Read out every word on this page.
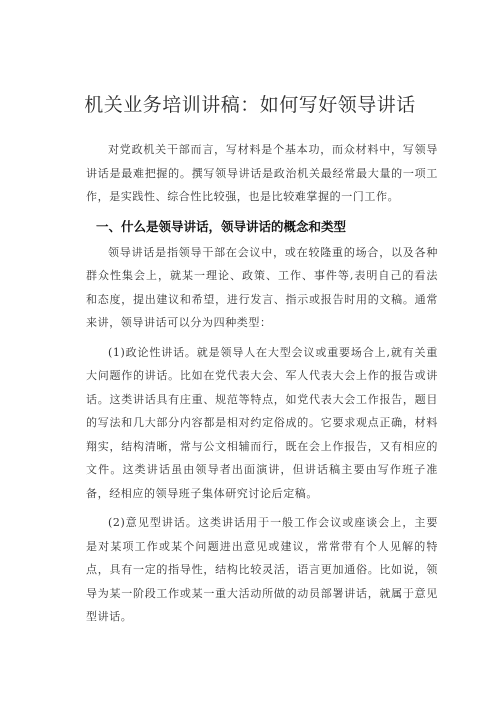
机关业务培训讲稿：如何写好领导讲话

对党政机关干部而言，写材料是个基本功，而众材料中，写领导讲话是最难把握的。撰写领导讲话是政治机关最经常最大量的一项工作，是实践性、综合性比较强，也是比较难掌握的一门工作。

一、什么是领导讲话，领导讲话的概念和类型

领导讲话是指领导干部在会议中，或在较隆重的场合，以及各种群众性集会上，就某一理论、政策、工作、事件等,表明自己的看法和态度，提出建议和希望，进行发言、指示或报告时用的文稿。通常来讲，领导讲话可以分为四种类型：

(1)政论性讲话。就是领导人在大型会议或重要场合上,就有关重大问题作的讲话。比如在党代表大会、军人代表大会上作的报告或讲话。这类讲话具有庄重、规范等特点，如党代表大会工作报告，题目的写法和几大部分内容都是相对约定俗成的。它要求观点正确，材料翔实，结构清晰，常与公文相辅而行，既在会上作报告，又有相应的文件。这类讲话虽由领导者出面演讲，但讲话稿主要由写作班子准备，经相应的领导班子集体研究讨论后定稿。

(2)意见型讲话。这类讲话用于一般工作会议或座谈会上，主要是对某项工作或某个问题进出意见或建议，常常带有个人见解的特点，具有一定的指导性，结构比较灵活，语言更加通俗。比如说，领导为某一阶段工作或某一重大活动所做的动员部署讲话，就属于意见型讲话。
